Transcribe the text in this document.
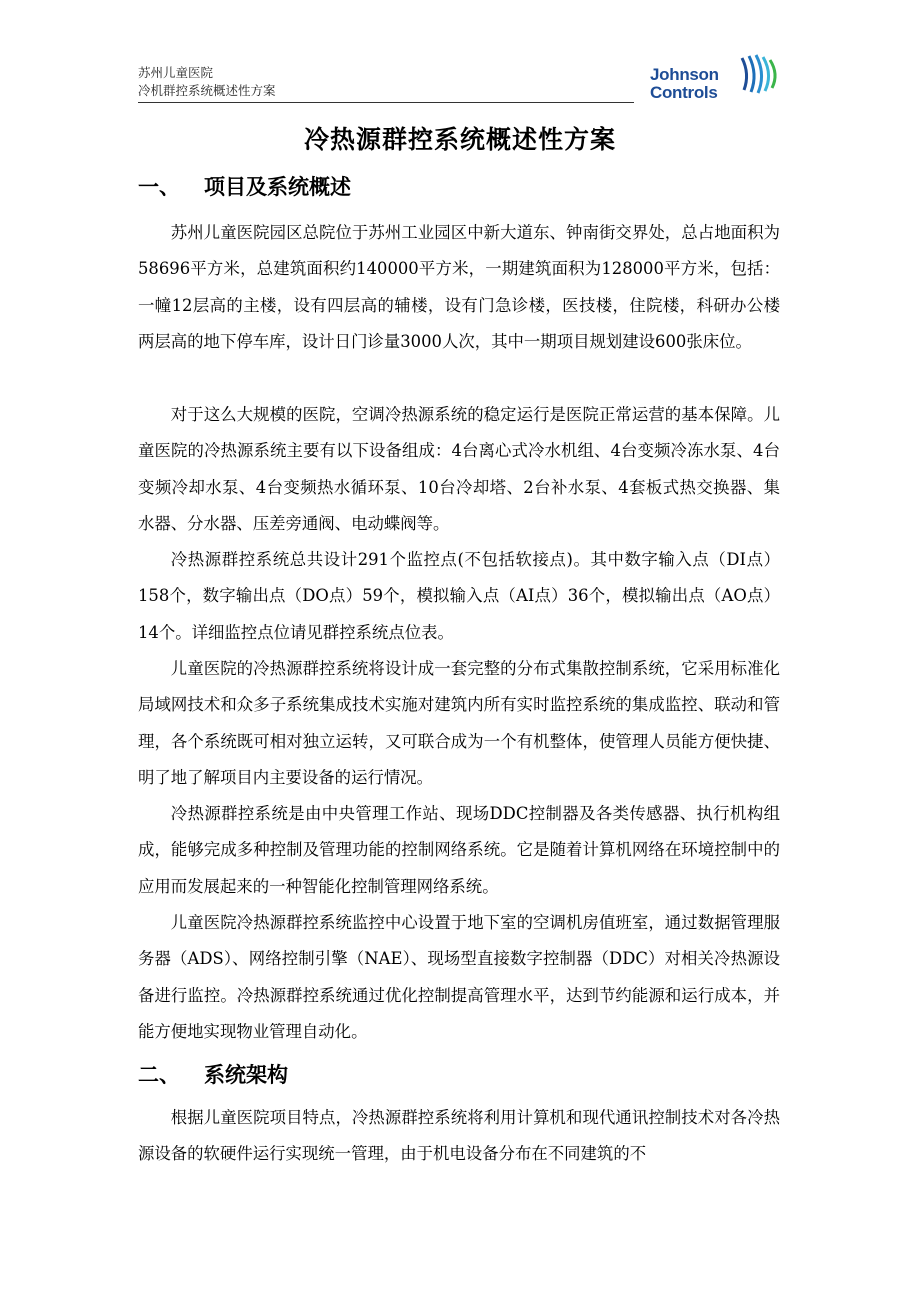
苏州儿童医院
冷机群控系统概述性方案
Johnson
Controls
冷热源群控系统概述性方案
一、 项目及系统概述

苏州儿童医院园区总院位于苏州工业园区中新大道东、钟南街交界处，总占地面积为58696平方米，总建筑面积约140000平方米，一期建筑面积为128000平方米，包括：一幢12层高的主楼，设有四层高的辅楼，设有门急诊楼，医技楼，住院楼，科研办公楼 两层高的地下停车库，设计日门诊量3000人次，其中一期项目规划建设600张床位。

对于这么大规模的医院，空调冷热源系统的稳定运行是医院正常运营的基本保障。儿童医院的冷热源系统主要有以下设备组成：4台离心式冷水机组、4台变频冷冻水泵、4台变频冷却水泵、4台变频热水循环泵、10台冷却塔、2台补水泵、4套板式热交换器、集水器、分水器、压差旁通阀、电动蝶阀等。

冷热源群控系统总共设计291个监控点(不包括软接点)。其中数字输入点（DI点）158个，数字输出点（DO点）59个，模拟输入点（AI点）36个，模拟输出点（AO点）14个。详细监控点位请见群控系统点位表。

儿童医院的冷热源群控系统将设计成一套完整的分布式集散控制系统，它采用标准化局域网技术和众多子系统集成技术实施对建筑内所有实时监控系统的集成监控、联动和管理，各个系统既可相对独立运转，又可联合成为一个有机整体，使管理人员能方便快捷、明了地了解项目内主要设备的运行情况。

冷热源群控系统是由中央管理工作站、现场DDC控制器及各类传感器、执行机构组成，能够完成多种控制及管理功能的控制网络系统。它是随着计算机网络在环境控制中的应用而发展起来的一种智能化控制管理网络系统。

儿童医院冷热源群控系统监控中心设置于地下室的空调机房值班室，通过数据管理服务器（ADS）、网络控制引擎（NAE）、现场型直接数字控制器（DDC）对相关冷热源设备进行监控。冷热源群控系统通过优化控制提高管理水平，达到节约能源和运行成本，并能方便地实现物业管理自动化。

二、 系统架构

根据儿童医院项目特点，冷热源群控系统将利用计算机和现代通讯控制技术对各冷热源设备的软硬件运行实现统一管理，由于机电设备分布在不同建筑的不
